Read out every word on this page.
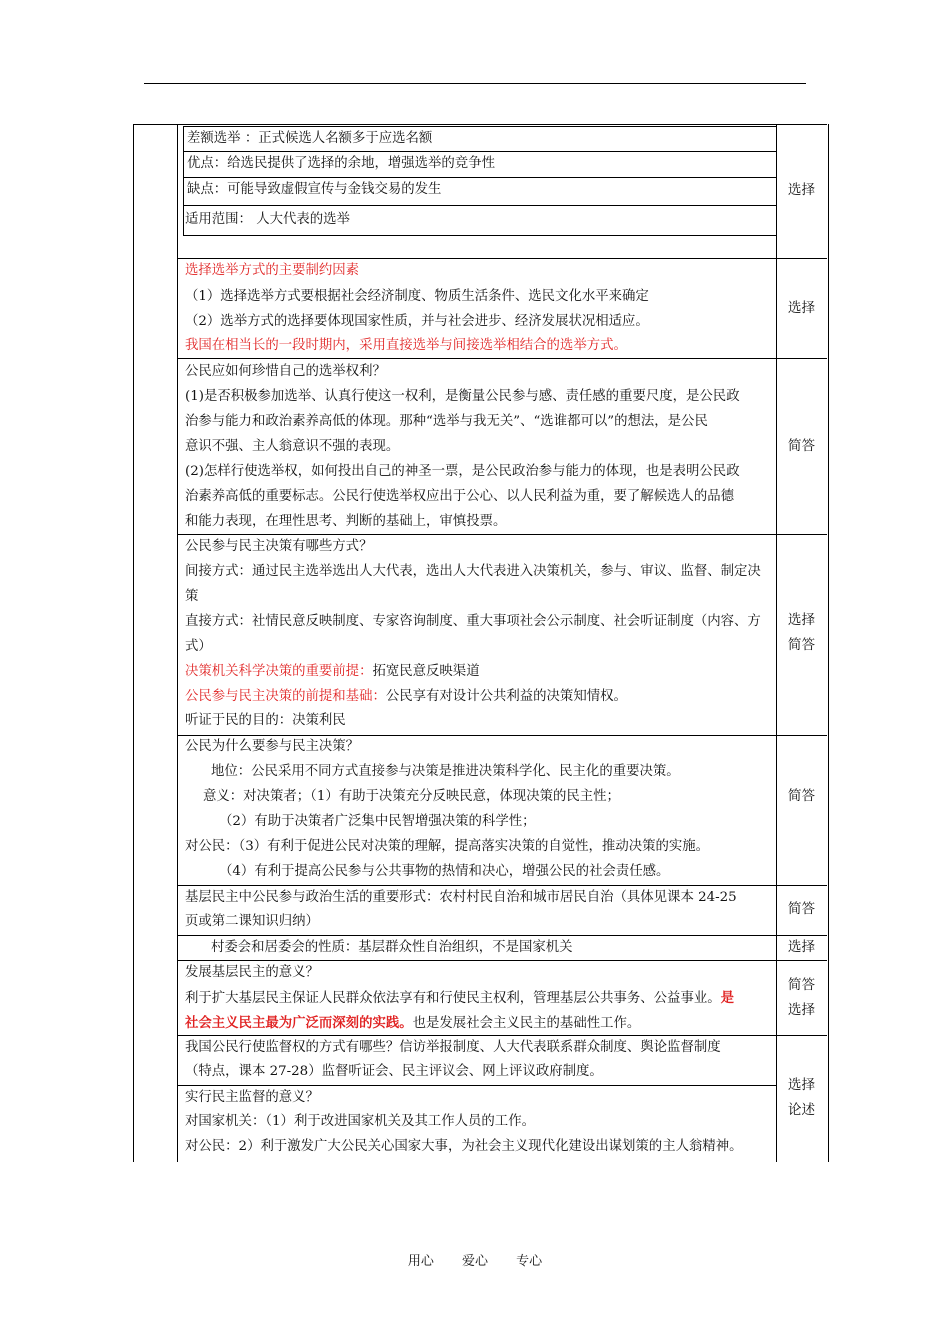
差额选举 ：正式候选人名额多于应选名额
优点：给选民提供了选择的余地，增强选举的竞争性
缺点：可能导致虚假宣传与金钱交易的发生
适用范围： 人大代表的选举
选择
选择选举方式的主要制约因素
（1）选择选举方式要根据社会经济制度、物质生活条件、选民文化水平来确定
（2）选举方式的选择要体现国家性质，并与社会进步、经济发展状况相适应。
我国在相当长的一段时期内，采用直接选举与间接选举相结合的选举方式。
选择
公民应如何珍惜自己的选举权利？
(1)是否积极参加选举、认真行使这一权利，是衡量公民参与感、责任感的重要尺度，是公民政
治参与能力和政治素养高低的体现。那种“选举与我无关”、“选谁都可以”的想法，是公民
意识不强、主人翁意识不强的表现。
(2)怎样行使选举权，如何投出自己的神圣一票，是公民政治参与能力的体现，也是表明公民政
治素养高低的重要标志。公民行使选举权应出于公心、以人民利益为重，要了解候选人的品德
和能力表现，在理性思考、判断的基础上，审慎投票。
简答
公民参与民主决策有哪些方式？
间接方式：通过民主选举选出人大代表，选出人大代表进入决策机关，参与、审议、监督、制定决
策
直接方式：社情民意反映制度、专家咨询制度、重大事项社会公示制度、社会听证制度（内容、方
式）
决策机关科学决策的重要前提：拓宽民意反映渠道
公民参与民主决策的前提和基础：公民享有对设计公共利益的决策知情权。
听证于民的目的：决策利民
选择
简答
公民为什么要参与民主决策？
地位：公民采用不同方式直接参与决策是推进决策科学化、民主化的重要决策。
意义：对决策者；（1）有助于决策充分反映民意，体现决策的民主性；
（2）有助于决策者广泛集中民智增强决策的科学性；
对公民：（3）有利于促进公民对决策的理解，提高落实决策的自觉性，推动决策的实施。
（4）有利于提高公民参与公共事物的热情和决心，增强公民的社会责任感。
简答
基层民主中公民参与政治生活的重要形式：农村村民自治和城市居民自治（具体见课本 24-25
页或第二课知识归纳）
简答
村委会和居委会的性质：基层群众性自治组织，不是国家机关	选择
发展基层民主的意义？
利于扩大基层民主保证人民群众依法享有和行使民主权利，管理基层公共事务、公益事业。是
社会主义民主最为广泛而深刻的实践。也是发展社会主义民主的基础性工作。
简答
选择
我国公民行使监督权的方式有哪些？信访举报制度、人大代表联系群众制度、舆论监督制度
（特点，课本 27-28）监督听证会、民主评议会、网上评议政府制度。
实行民主监督的意义？
对国家机关：（1）利于改进国家机关及其工作人员的工作。
对公民：2）利于激发广大公民关心国家大事，为社会主义现代化建设出谋划策的主人翁精神。
选择
论述
用心 爱心 专心
